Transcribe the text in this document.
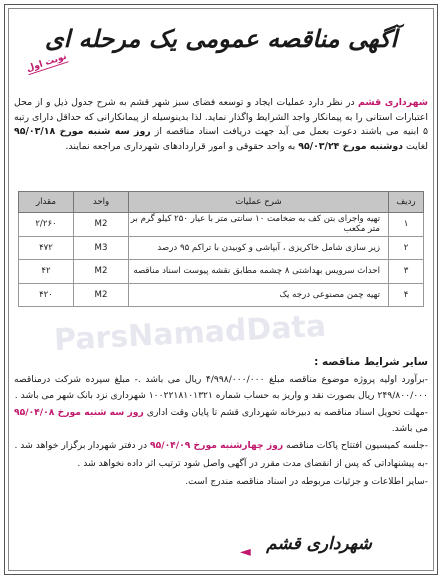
آگهی مناقصه عمومی یک مرحله ای
نوبت اول
شهرداری قشم در نظر دارد عملیات ایجاد و توسعه فضای سبز شهر قشم به شرح جدول ذیل و از محل اعتبارات استانی را به پیمانکار واجد الشرایط واگذار نماید. لذا بدینوسیله از پیمانکارانی که حداقل دارای رتبه ۵ ابنیه می باشند دعوت بعمل می آید جهت دریافت اسناد مناقصه از روز سه شنبه مورخ ۹۵/۰۳/۱۸ لغایت دوشنبه مورخ ۹۵/۰۳/۲۴ به واحد حقوقی و امور قراردادهای شهرداری مراجعه نمایند.
ردیف	شرح عملیات	واحد	مقدار
۱	تهیه واجرای بتن کف به ضخامت ۱۰ سانتی متر با عیار ۲۵۰ کیلو گرم بر متر مکعب	M2	۲/۲۶۰
۲	زیر سازی شامل خاکریزی ، آبپاشی و کوبیدن با تراکم ۹۵ درصد	M3	۴۷۲
۳	احداث سرویس بهداشتی ۸ چشمه مطابق نقشه پیوست اسناد مناقصه	M2	۴۲
۴	تهیه چمن مصنوعی درجه یک	M2	۴۲۰
ParsNamadData
سایر شرایط مناقصه :

-برآورد اولیه پروژه موضوع مناقصه مبلغ ۴/۹۹۸/۰۰۰/۰۰۰ ریال می باشد .- مبلغ سپرده شرکت درمناقصه ۲۴۹/۸۰۰/۰۰۰ ریال بصورت نقد و واریز به حساب شماره ۱۰۰۲۲۱۸۱۰۱۳۲۱ شهرداری نزد بانک شهر می باشد .

-مهلت تحویل اسناد مناقصه به دبیرخانه شهرداری قشم تا پایان وقت اداری روز سه شنبه مورخ ۹۵/۰۴/۰۸ می باشد.

-جلسه کمیسیون افتتاح پاکات مناقصه روز چهارشنبه مورخ ۹۵/۰۴/۰۹ در دفتر شهردار برگزار خواهد شد .

-به پیشنهاداتی که پس از انقضای مدت مقرر در آگهی واصل شود ترتیب اثر داده نخواهد شد .

-سایر اطلاعات و جزئیات مربوطه در اسناد مناقصه مندرج است.

◄ شهرداری قشم
